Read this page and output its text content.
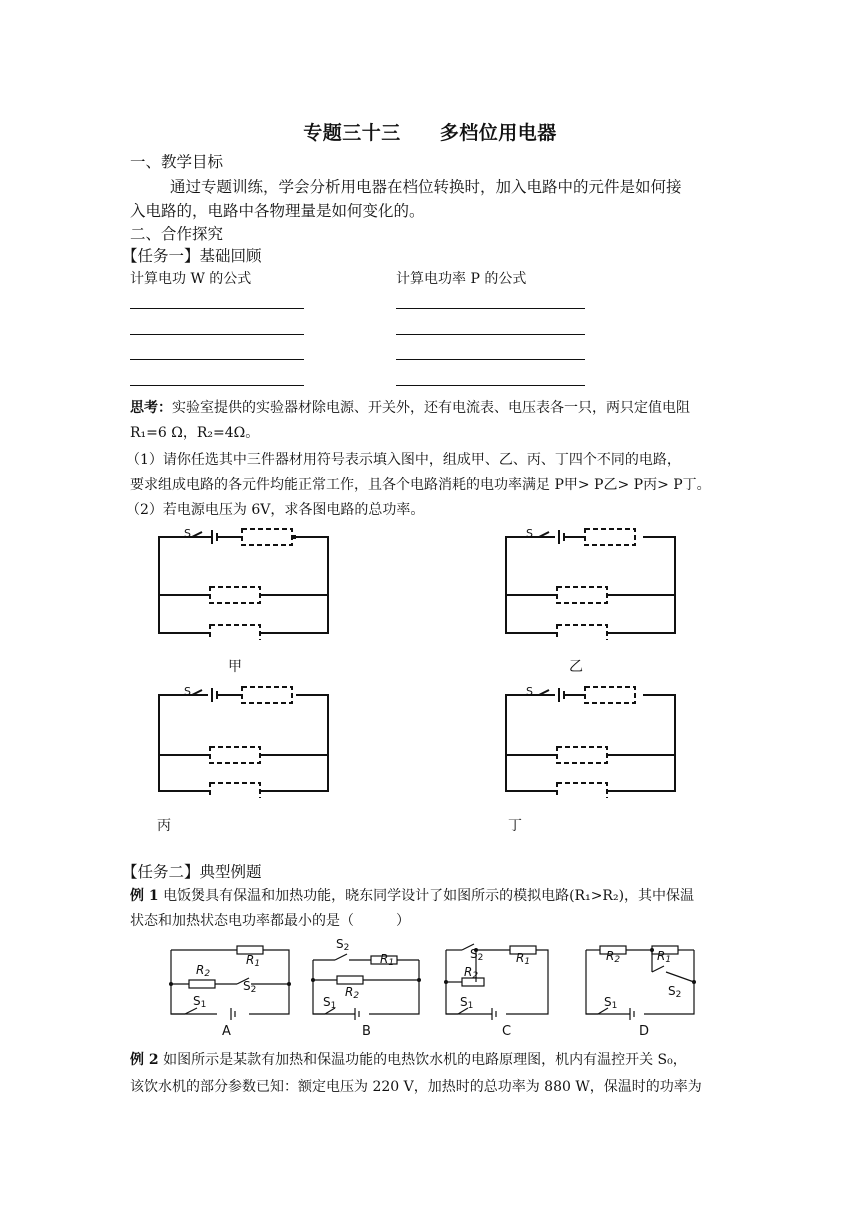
专题三十三　　多档位用电器
一、教学目标
通过专题训练，学会分析用电器在档位转换时，加入电路中的元件是如何接
入电路的，电路中各物理量是如何变化的。
二、合作探究
【任务一】基础回顾
计算电功 W 的公式	计算电功率 P 的公式
思考：实验室提供的实验器材除电源、开关外，还有电流表、电压表各一只，两只定值电阻
R₁=6 Ω，R₂=4Ω。
（1）请你任选其中三件器材用符号表示填入图中，组成甲、乙、丙、丁四个不同的电路，
要求组成电路的各元件均能正常工作，且各个电路消耗的电功率满足 P甲> P乙> P丙> P丁。
（2）若电源电压为 6V，求各图电路的总功率。
S
甲
S
乙
S
丙
S
丁
【任务二】典型例题
例 1 电饭煲具有保温和加热功能，晓东同学设计了如图所示的模拟电路(R₁>R₂)，其中保温
状态和加热状态电功率都最小的是（　　　）
$R_1$
$R_2$
$S_2$
$S_1$
A
$S_2$
$R_1$
$R_2$
$S_1$
B
$S_2$	$R_1$
$R_2$
$S_1$
C
$R_2$	$R_1$
$S_2$
$S_1$
D
例 2 如图所示是某款有加热和保温功能的电热饮水机的电路原理图，机内有温控开关 S₀，
该饮水机的部分参数已知：额定电压为 220 V，加热时的总功率为 880 W，保温时的功率为
